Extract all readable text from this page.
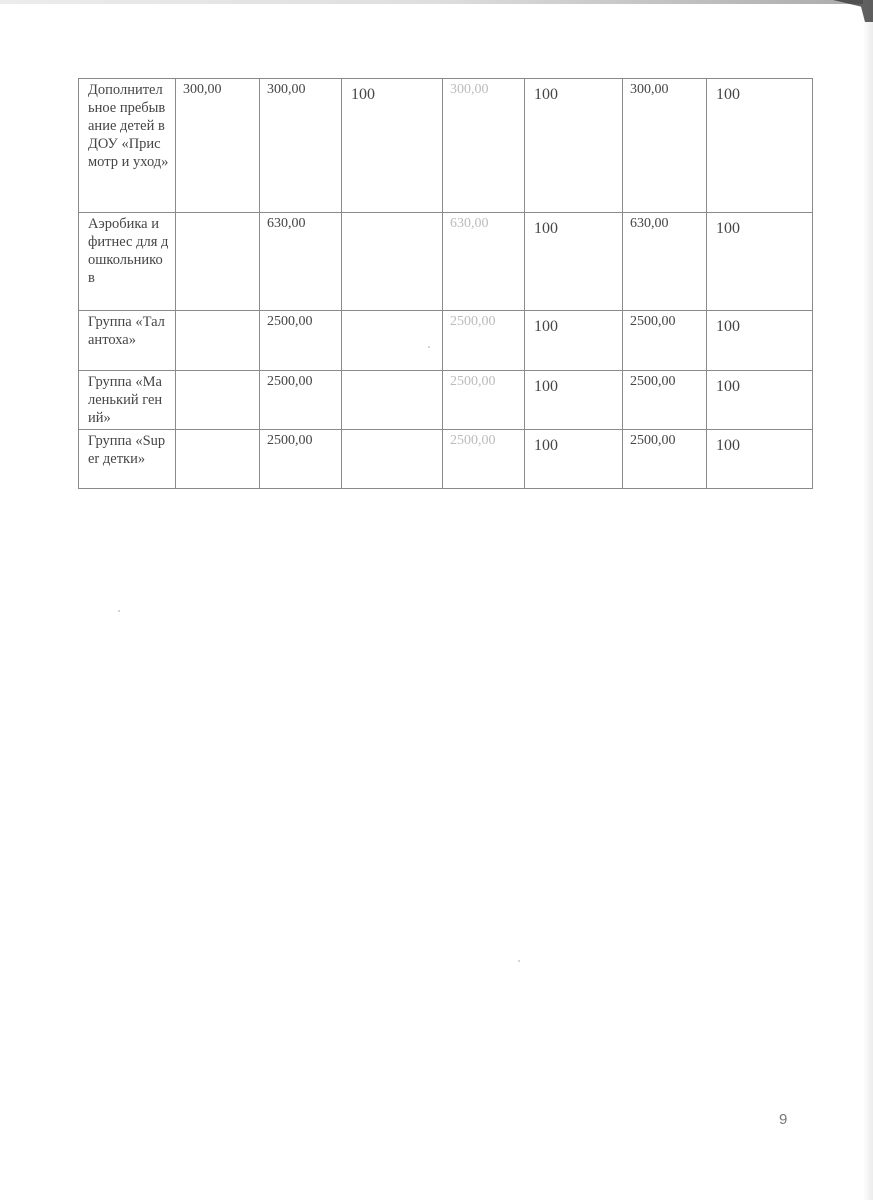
Дополнительное пребывание детей в ДОУ «Присмотр и уход»	300,00	300,00	100	300,00	100	300,00	100
Аэробика и фитнес для дошкольников		630,00		630,00	100	630,00	100
Группа «Талантоха»		2500,00		2500,00	100	2500,00	100
Группа «Маленький гений»		2500,00		2500,00	100	2500,00	100
Группа «Super детки»		2500,00		2500,00	100	2500,00	100
9
